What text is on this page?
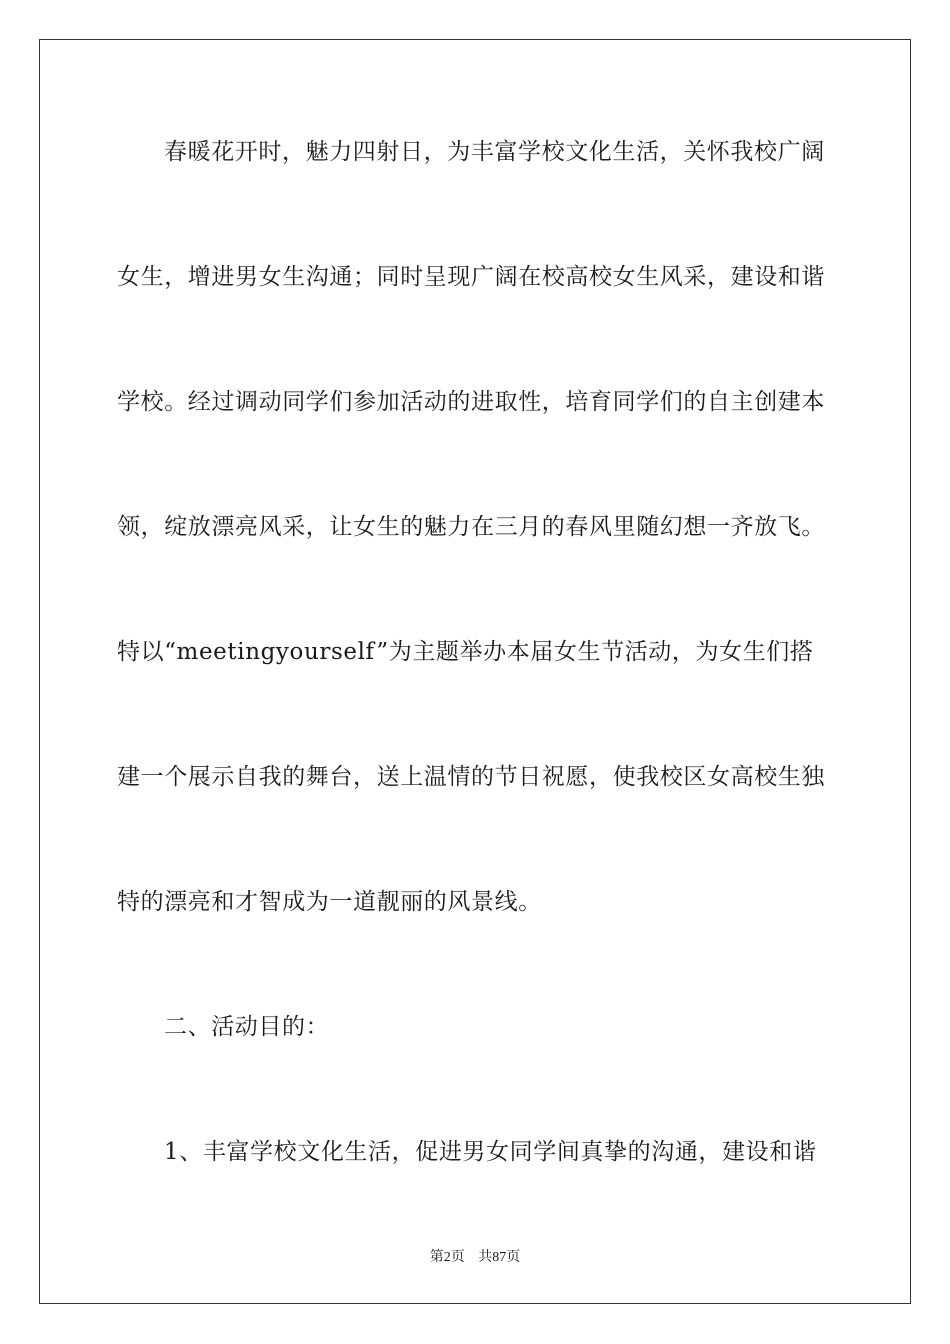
春暖花开时，魅力四射日，为丰富学校文化生活，关怀我校广阔
女生，增进男女生沟通；同时呈现广阔在校高校女生风采，建设和谐
学校。经过调动同学们参加活动的进取性，培育同学们的自主创建本
领，绽放漂亮风采，让女生的魅力在三月的春风里随幻想一齐放飞。
特以“meetingyourself”为主题举办本届女生节活动，为女生们搭
建一个展示自我的舞台，送上温情的节日祝愿，使我校区女高校生独
特的漂亮和才智成为一道靓丽的风景线。
二、活动目的：
1、丰富学校文化生活，促进男女同学间真挚的沟通，建设和谐
第2页 共87页
